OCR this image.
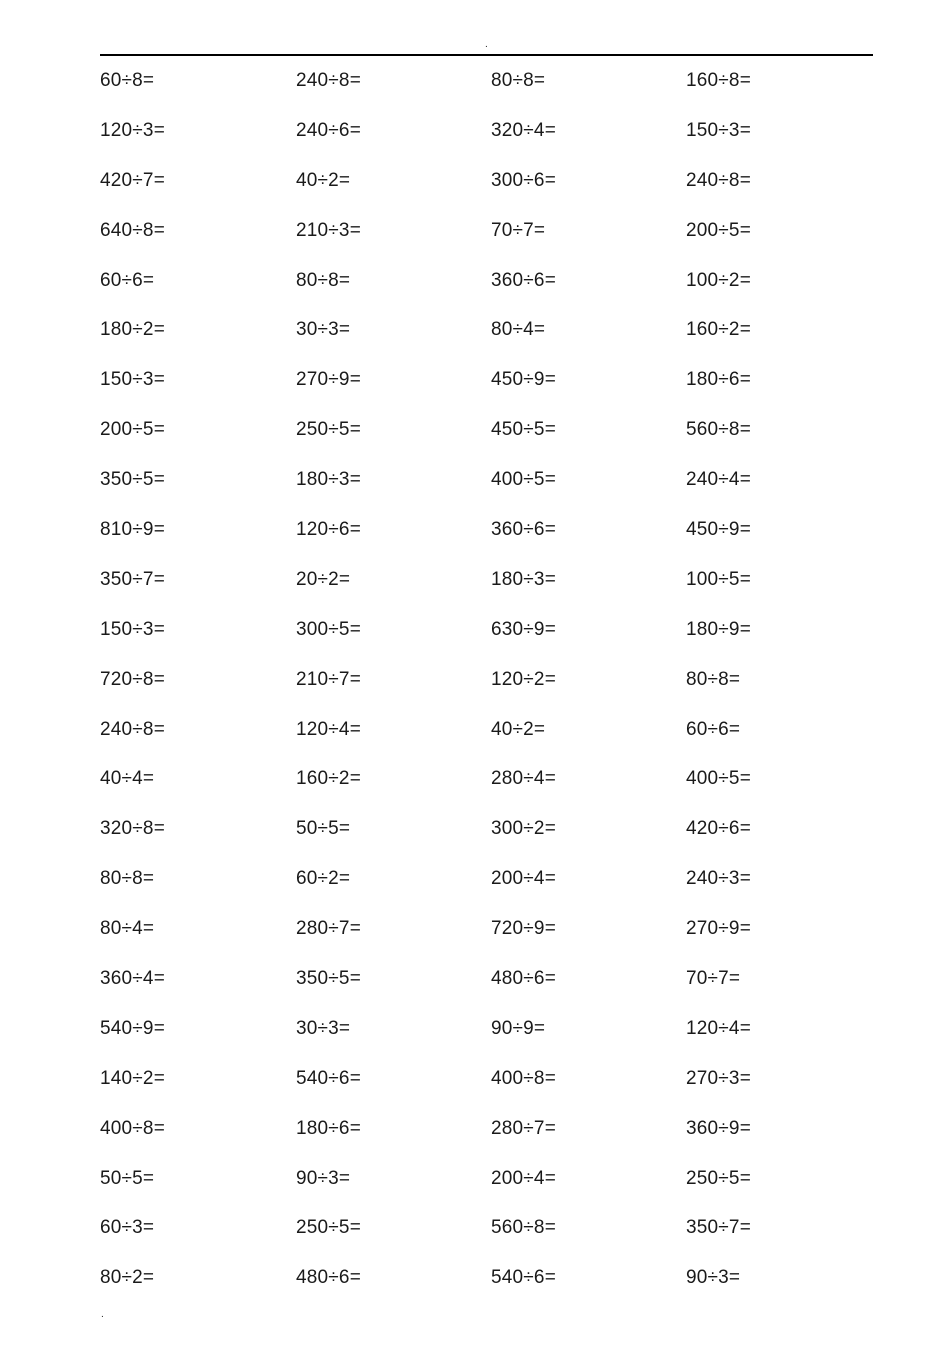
.
60÷8=	240÷8=	80÷8=	160÷8=
120÷3=	240÷6=	320÷4=	150÷3=
420÷7=	40÷2=	300÷6=	240÷8=
640÷8=	210÷3=	70÷7=	200÷5=
60÷6=	80÷8=	360÷6=	100÷2=
180÷2=	30÷3=	80÷4=	160÷2=
150÷3=	270÷9=	450÷9=	180÷6=
200÷5=	250÷5=	450÷5=	560÷8=
350÷5=	180÷3=	400÷5=	240÷4=
810÷9=	120÷6=	360÷6=	450÷9=
350÷7=	20÷2=	180÷3=	100÷5=
150÷3=	300÷5=	630÷9=	180÷9=
720÷8=	210÷7=	120÷2=	80÷8=
240÷8=	120÷4=	40÷2=	60÷6=
40÷4=	160÷2=	280÷4=	400÷5=
320÷8=	50÷5=	300÷2=	420÷6=
80÷8=	60÷2=	200÷4=	240÷3=
80÷4=	280÷7=	720÷9=	270÷9=
360÷4=	350÷5=	480÷6=	70÷7=
540÷9=	30÷3=	90÷9=	120÷4=
140÷2=	540÷6=	400÷8=	270÷3=
400÷8=	180÷6=	280÷7=	360÷9=
50÷5=	90÷3=	200÷4=	250÷5=
60÷3=	250÷5=	560÷8=	350÷7=
80÷2=	480÷6=	540÷6=	90÷3=
.
